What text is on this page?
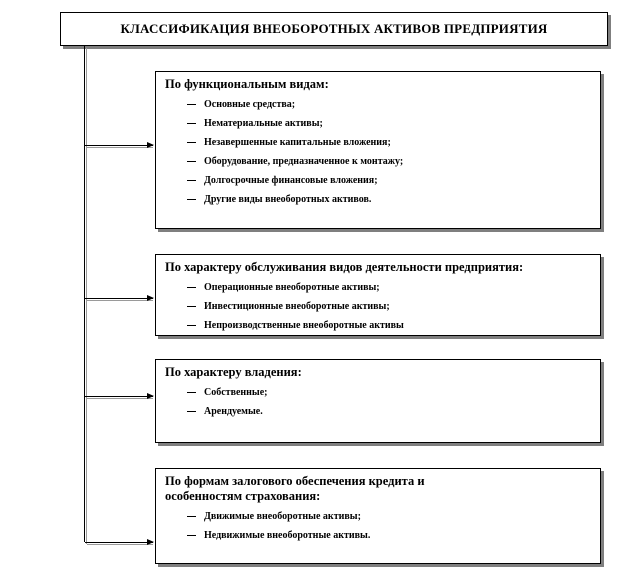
КЛАССИФИКАЦИЯ ВНЕОБОРОТНЫХ АКТИВОВ ПРЕДПРИЯТИЯ
По функциональным видам:
Основные средства;
Нематериальные активы;
Незавершенные капитальные вложения;
Оборудование, предназначенное к монтажу;
Долгосрочные финансовые вложения;
Другие виды внеоборотных активов.
По характеру обслуживания видов деятельности предприятия:
Операционные внеоборотные активы;
Инвестиционные внеоборотные активы;
Непроизводственные внеоборотные активы
По характеру владения:
Собственные;
Арендуемые.
По формам залогового обеспечения кредита и
особенностям страхования:
Движимые внеоборотные активы;
Недвижимые внеоборотные активы.
